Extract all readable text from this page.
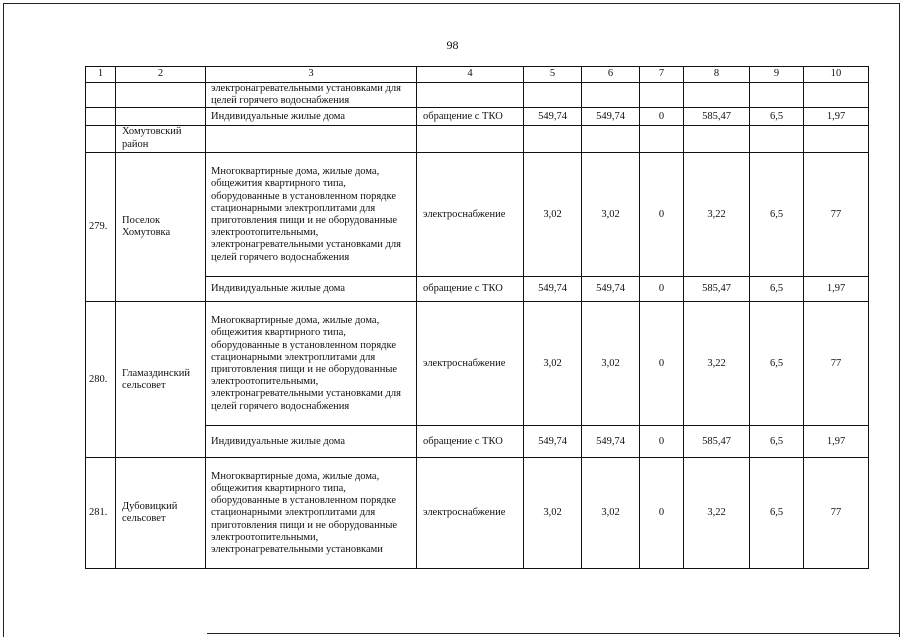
98
1	2	3	4	5	6	7	8	9	10
		электронагревательными установками для целей горячего водоснабжения							
		Индивидуальные жилые дома	обращение с ТКО	549,74	549,74	0	585,47	6,5	1,97
	Хомутовский район								
279.	Поселок Хомутовка	Многоквартирные дома, жилые дома, общежития квартирного типа, оборудованные в установленном порядке стационарными электроплитами для приготовления пищи и не оборудованные электроотопительными, электронагревательными установками для целей горячего водоснабжения	электроснабжение	3,02	3,02	0	3,22	6,5	77
		Индивидуальные жилые дома	обращение с ТКО	549,74	549,74	0	585,47	6,5	1,97
280.	Гламаздинский сельсовет	Многоквартирные дома, жилые дома, общежития квартирного типа, оборудованные в установленном порядке стационарными электроплитами для приготовления пищи и не оборудованные электроотопительными, электронагревательными установками для целей горячего водоснабжения	электроснабжение	3,02	3,02	0	3,22	6,5	77
		Индивидуальные жилые дома	обращение с ТКО	549,74	549,74	0	585,47	6,5	1,97
281.	Дубовицкий сельсовет	Многоквартирные дома, жилые дома, общежития квартирного типа, оборудованные в установленном порядке стационарными электроплитами для приготовления пищи и не оборудованные электроотопительными, электронагревательными установками	электроснабжение	3,02	3,02	0	3,22	6,5	77
